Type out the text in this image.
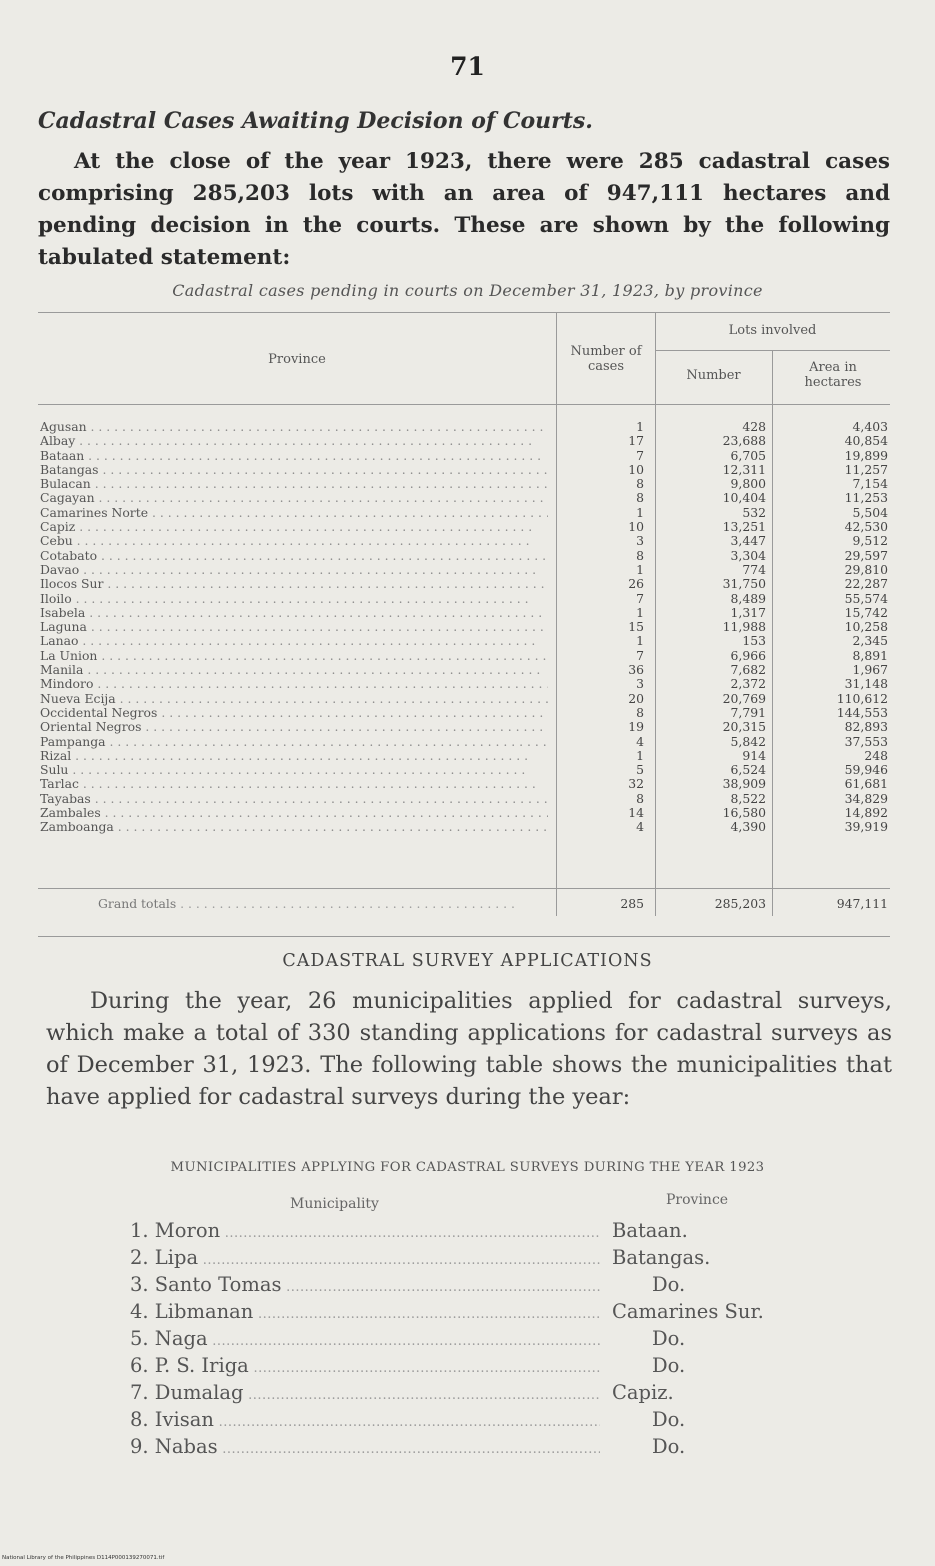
71
Cadastral Cases Awaiting Decision of Courts.
At the close of the year 1923, there were 285 cadastral cases comprising 285,203 lots with an area of 947,111 hectares and pending decision in the courts. These are shown by the following tabulated statement:
Cadastral cases pending in courts on December 31, 1923, by province
Province
Number of cases
Lots involved
Number
Area in hectares
Agusan . . .	1	428	4,403
Albay . . .	17	23,688	40,854
Bataan . . .	7	6,705	19,899
Batangas . . .	10	12,311	11,257
Bulacan . . .	8	9,800	7,154
Cagayan . . .	8	10,404	11,253
Camarines Norte . . .	1	532	5,504
Capiz . . .	10	13,251	42,530
Cebu . . .	3	3,447	9,512
Cotabato . . .	8	3,304	29,597
Davao . . .	1	774	29,810
Ilocos Sur . . .	26	31,750	22,287
Iloilo . . .	7	8,489	55,574
Isabela . . .	1	1,317	15,742
Laguna . . .	15	11,988	10,258
Lanao . . .	1	153	2,345
La Union . . .	7	6,966	8,891
Manila . . .	36	7,682	1,967
Mindoro . . .	3	2,372	31,148
Nueva Ecija . . .	20	20,769	110,612
Occidental Negros . . .	8	7,791	144,553
Oriental Negros . . .	19	20,315	82,893
Pampanga . . .	4	5,842	37,553
Rizal . . .	1	914	248
Sulu . . .	5	6,524	59,946
Tarlac . . .	32	38,909	61,681
Tayabas . . .	8	8,522	34,829
Zambales . . .	14	16,580	14,892
Zamboanga . . .	4	4,390	39,919
Grand totals . . .	285	285,203	947,111
CADASTRAL SURVEY APPLICATIONS
During the year, 26 municipalities applied for cadastral surveys, which make a total of 330 standing applications for cadastral surveys as of December 31, 1923. The following table shows the municipalities that have applied for cadastral surveys during the year:
MUNICIPALITIES APPLYING FOR CADASTRAL SURVEYS DURING THE YEAR 1923
Municipality	Province
1. Moron .....	Bataan.
2. Lipa .....	Batangas.
3. Santo Tomas .....	Do.
4. Libmanan .....	Camarines Sur.
5. Naga .....	Do.
6. P. S. Iriga .....	Do.
7. Dumalag .....	Capiz.
8. Ivisan .....	Do.
9. Nabas .....	Do.
National Library of the Philippines D114P000139270071.tif
